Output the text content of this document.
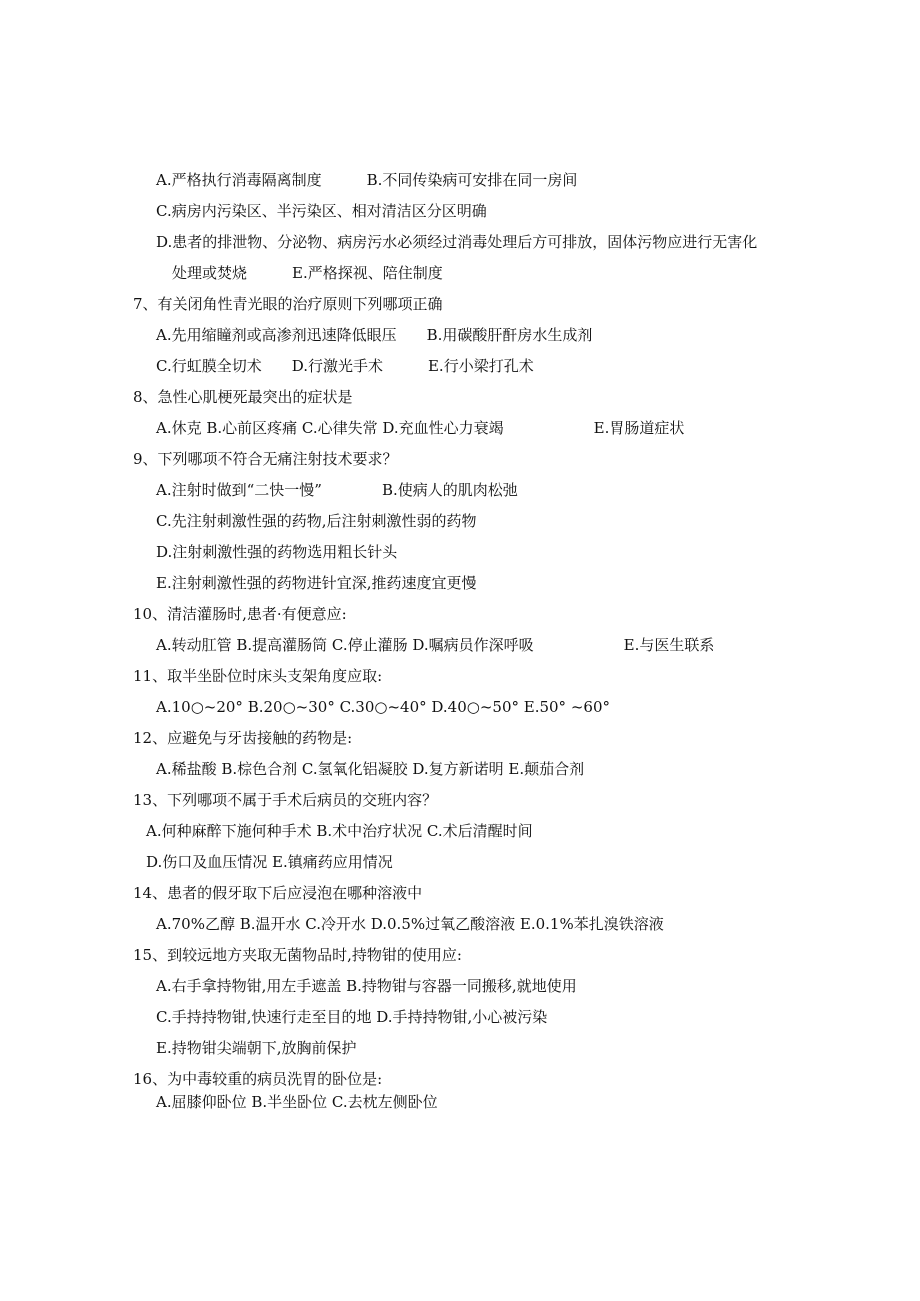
A.严格执行消毒隔离制度　　　B.不同传染病可安排在同一房间
C.病房内污染区、半污染区、相对清洁区分区明确
D.患者的排泄物、分泌物、病房污水必须经过消毒处理后方可排放，固体污物应进行无害化
处理或焚烧　　　E.严格探视、陪住制度
7、有关闭角性青光眼的治疗原则下列哪项正确
A.先用缩瞳剂或高渗剂迅速降低眼压　　B.用碳酸肝酐房水生成剂
C.行虹膜全切术　　D.行激光手术　　　E.行小梁打孔术
8、急性心肌梗死最突出的症状是
A.休克 B.心前区疼痛 C.心律失常 D.充血性心力衰竭　　　　　　E.胃肠道症状
9、下列哪项不符合无痛注射技术要求？
A.注射时做到“二快一慢”　　　　B.使病人的肌肉松弛
C.先注射刺激性强的药物,后注射刺激性弱的药物
D.注射刺激性强的药物选用粗长针头
E.注射刺激性强的药物进针宜深,推药速度宜更慢
10、清洁灌肠时,患者·有便意应:
A.转动肛管 B.提高灌肠筒 C.停止灌肠 D.嘱病员作深呼吸　　　　　　E.与医生联系
11、取半坐卧位时床头支架角度应取:
A.10○~20° B.20○~30° C.30○~40° D.40○~50° E.50° ~60°
12、应避免与牙齿接触的药物是:
A.稀盐酸 B.棕色合剂 C.氢氧化铝凝胶 D.复方新诺明 E.颠茄合剂
13、下列哪项不属于手术后病员的交班内容？
A.何种麻醉下施何种手术 B.术中治疗状况 C.术后清醒时间
D.伤口及血压情况 E.镇痛药应用情况
14、患者的假牙取下后应浸泡在哪种溶液中
A.70%乙醇 B.温开水 C.冷开水 D.0.5%过氧乙酸溶液 E.0.1%苯扎溴铁溶液
15、到较远地方夹取无菌物品时,持物钳的使用应:
A.右手拿持物钳,用左手遮盖 B.持物钳与容器一同搬移,就地使用
C.手持持物钳,快速行走至目的地 D.手持持物钳,小心被污染
E.持物钳尖端朝下,放胸前保护
16、为中毒较重的病员洗胃的卧位是:
A.屈膝仰卧位 B.半坐卧位 C.去枕左侧卧位
